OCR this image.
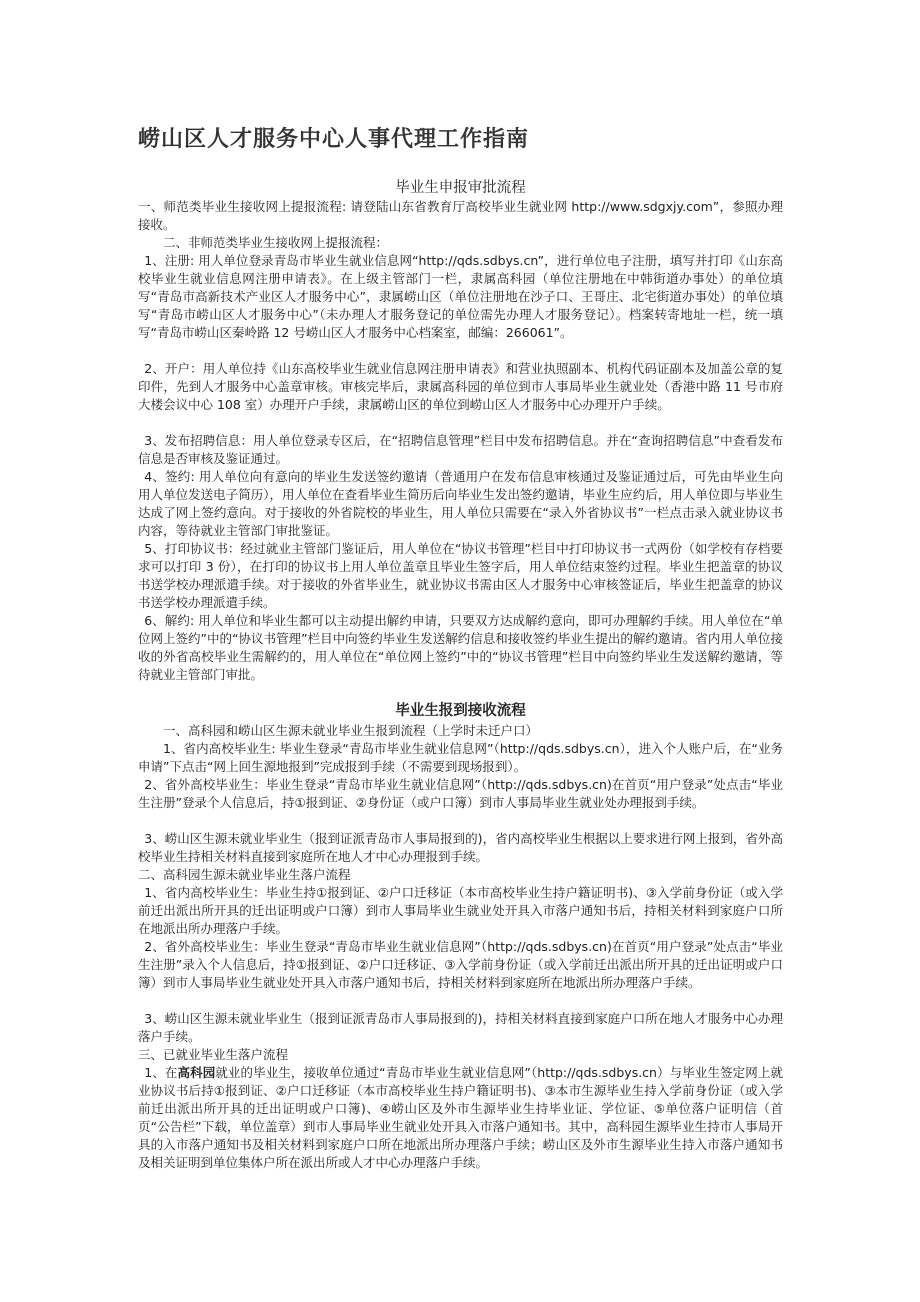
崂山区人才服务中心人事代理工作指南
毕业生申报审批流程
一、师范类毕业生接收网上提报流程: 请登陆山东省教育厅高校毕业生就业网 http://www.sdgxjy.com”，参照办理接收。
二、非师范类毕业生接收网上提报流程：
1、注册: 用人单位登录青岛市毕业生就业信息网“http://qds.sdbys.cn”，进行单位电子注册，填写并打印《山东高校毕业生就业信息网注册申请表》。在上级主管部门一栏，隶属高科园（单位注册地在中韩街道办事处）的单位填写“青岛市高新技术产业区人才服务中心”，隶属崂山区（单位注册地在沙子口、王哥庄、北宅街道办事处）的单位填写“青岛市崂山区人才服务中心”（未办理人才服务登记的单位需先办理人才服务登记）。档案转寄地址一栏，统一填写“青岛市崂山区秦岭路 12 号崂山区人才服务中心档案室，邮编：266061”。
2、开户：用人单位持《山东高校毕业生就业信息网注册申请表》和营业执照副本、机构代码证副本及加盖公章的复印件，先到人才服务中心盖章审核。审核完毕后，隶属高科园的单位到市人事局毕业生就业处（香港中路 11 号市府大楼会议中心 108 室）办理开户手续，隶属崂山区的单位到崂山区人才服务中心办理开户手续。
3、发布招聘信息：用人单位登录专区后，在“招聘信息管理”栏目中发布招聘信息。并在“查询招聘信息”中查看发布信息是否审核及鉴证通过。
4、签约: 用人单位向有意向的毕业生发送签约邀请（普通用户在发布信息审核通过及鉴证通过后，可先由毕业生向用人单位发送电子简历），用人单位在查看毕业生简历后向毕业生发出签约邀请，毕业生应约后，用人单位即与毕业生达成了网上签约意向。对于接收的外省院校的毕业生，用人单位只需要在“录入外省协议书”一栏点击录入就业协议书内容，等待就业主管部门审批鉴证。
5、打印协议书：经过就业主管部门鉴证后，用人单位在“协议书管理”栏目中打印协议书一式两份（如学校有存档要求可以打印 3 份），在打印的协议书上用人单位盖章且毕业生签字后，用人单位结束签约过程。毕业生把盖章的协议书送学校办理派遣手续。对于接收的外省毕业生，就业协议书需由区人才服务中心审核签证后，毕业生把盖章的协议书送学校办理派遣手续。
6、解约: 用人单位和毕业生都可以主动提出解约申请，只要双方达成解约意向，即可办理解约手续。用人单位在“单位网上签约”中的“协议书管理”栏目中向签约毕业生发送解约信息和接收签约毕业生提出的解约邀请。省内用人单位接收的外省高校毕业生需解约的，用人单位在“单位网上签约”中的“协议书管理”栏目中向签约毕业生发送解约邀请，等待就业主管部门审批。
毕业生报到接收流程
一、高科园和崂山区生源未就业毕业生报到流程（上学时未迁户口）
1、省内高校毕业生: 毕业生登录“青岛市毕业生就业信息网”（http://qds.sdbys.cn），进入个人账户后，在“业务申请”下点击“网上回生源地报到”完成报到手续（不需要到现场报到）。
2、省外高校毕业生：毕业生登录“青岛市毕业生就业信息网”（http://qds.sdbys.cn)在首页“用户登录”处点击“毕业生注册”登录个人信息后，持①报到证、②身份证（或户口簿）到市人事局毕业生就业处办理报到手续。
3、崂山区生源未就业毕业生（报到证派青岛市人事局报到的)，省内高校毕业生根据以上要求进行网上报到，省外高校毕业生持相关材料直接到家庭所在地人才中心办理报到手续。
二、高科园生源未就业毕业生落户流程
1、省内高校毕业生：毕业生持①报到证、②户口迁移证（本市高校毕业生持户籍证明书)、③入学前身份证（或入学前迁出派出所开具的迁出证明或户口簿）到市人事局毕业生就业处开具入市落户通知书后，持相关材料到家庭户口所在地派出所办理落户手续。
2、省外高校毕业生：毕业生登录“青岛市毕业生就业信息网”（http://qds.sdbys.cn)在首页“用户登录”处点击“毕业生注册”录入个人信息后，持①报到证、②户口迁移证、③入学前身份证（或入学前迁出派出所开具的迁出证明或户口簿）到市人事局毕业生就业处开具入市落户通知书后，持相关材料到家庭所在地派出所办理落户手续。
3、崂山区生源未就业毕业生（报到证派青岛市人事局报到的)，持相关材料直接到家庭户口所在地人才服务中心办理落户手续。
三、已就业毕业生落户流程
1、在高科园就业的毕业生，接收单位通过“青岛市毕业生就业信息网”（http://qds.sdbys.cn）与毕业生签定网上就业协议书后持①报到证、②户口迁移证（本市高校毕业生持户籍证明书)、③本市生源毕业生持入学前身份证（或入学前迁出派出所开具的迁出证明或户口簿)、④崂山区及外市生源毕业生持毕业证、学位证、⑤单位落户证明信（首页“公告栏”下载，单位盖章）到市人事局毕业生就业处开具入市落户通知书。其中，高科园生源毕业生持市人事局开具的入市落户通知书及相关材料到家庭户口所在地派出所办理落户手续；崂山区及外市生源毕业生持入市落户通知书及相关证明到单位集体户所在派出所或人才中心办理落户手续。
